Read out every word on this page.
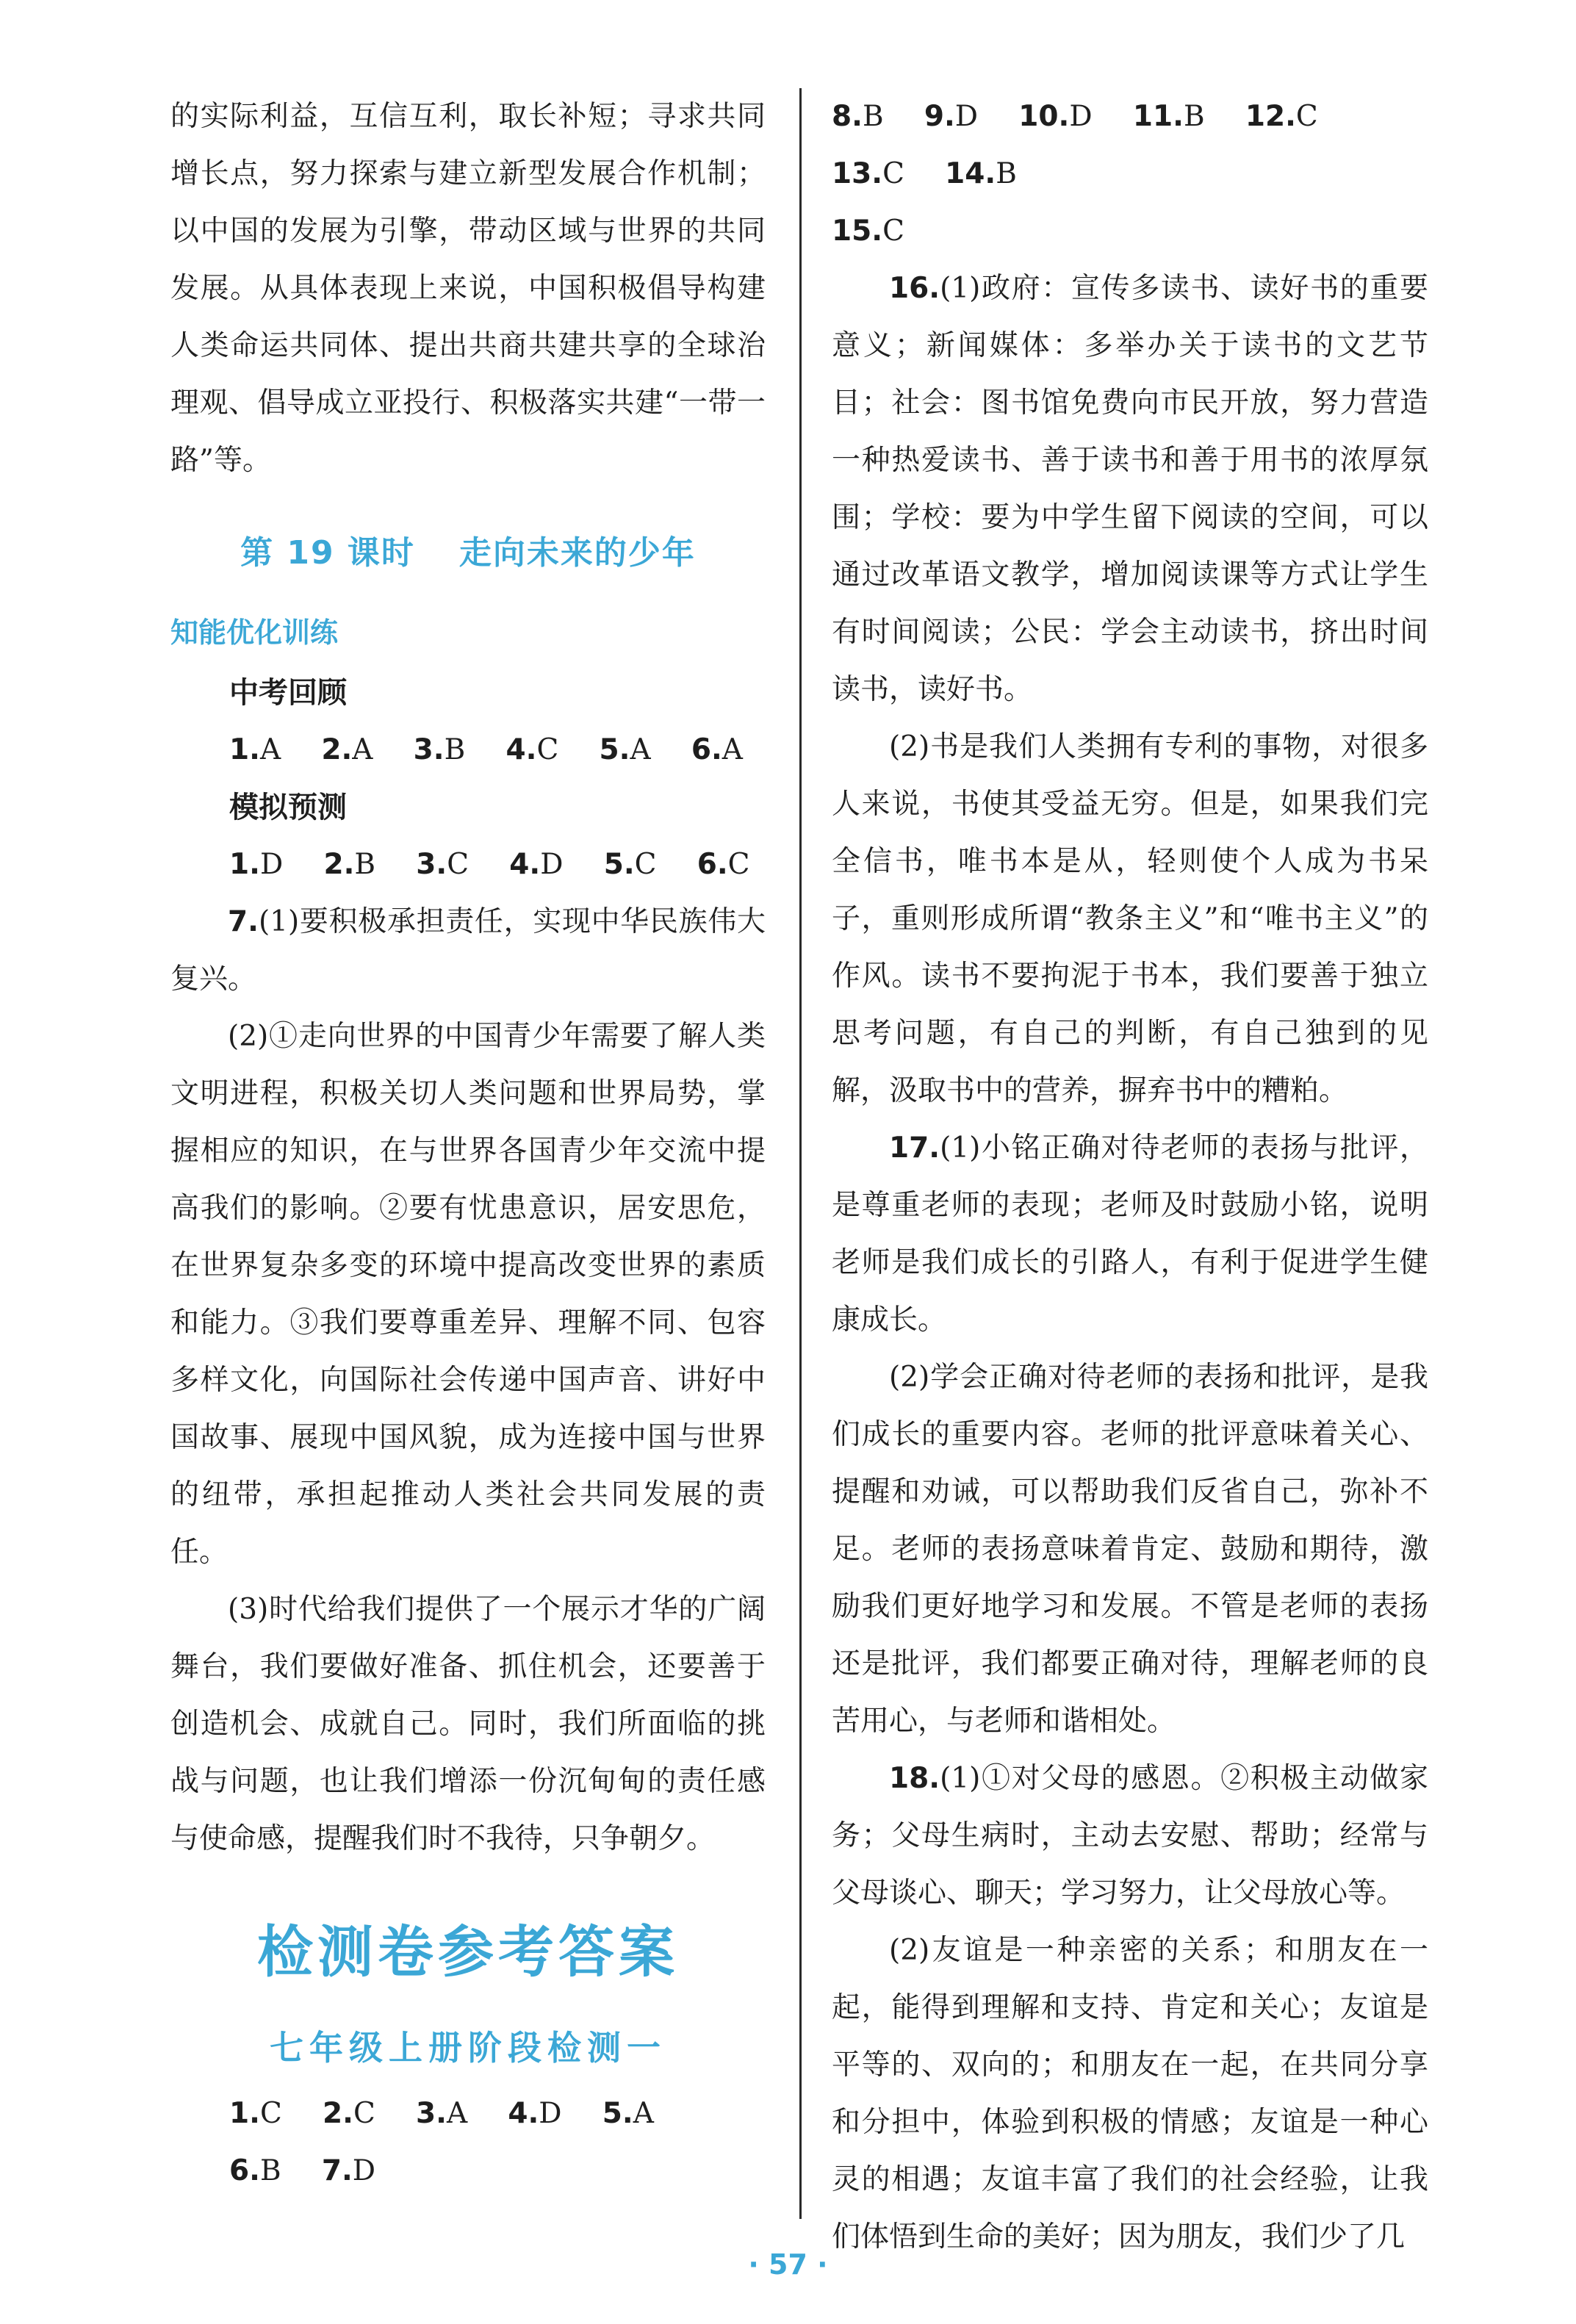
的实际利益，互信互利，取长补短；寻求共同增长点，努力探索与建立新型发展合作机制；以中国的发展为引擎，带动区域与世界的共同发展。从具体表现上来说，中国积极倡导构建人类命运共同体、提出共商共建共享的全球治理观、倡导成立亚投行、积极落实共建“一带一路”等。

第 19 课时 走向未来的少年
知能优化训练
中考回顾
1.A 2.A 3.B 4.C 5.A 6.A
模拟预测
1.D 2.B 3.C 4.D 5.C 6.C

7.(1)要积极承担责任，实现中华民族伟大复兴。

(2)①走向世界的中国青少年需要了解人类文明进程，积极关切人类问题和世界局势，掌握相应的知识，在与世界各国青少年交流中提高我们的影响。②要有忧患意识，居安思危，在世界复杂多变的环境中提高改变世界的素质和能力。③我们要尊重差异、理解不同、包容多样文化，向国际社会传递中国声音、讲好中国故事、展现中国风貌，成为连接中国与世界的纽带，承担起推动人类社会共同发展的责任。

(3)时代给我们提供了一个展示才华的广阔舞台，我们要做好准备、抓住机会，还要善于创造机会、成就自己。同时，我们所面临的挑战与问题，也让我们增添一份沉甸甸的责任感与使命感，提醒我们时不我待，只争朝夕。

检测卷参考答案
七年级上册阶段检测一
1.C 2.C 3.A 4.D 5.A   6.B 7.D
8.B 9.D 10.D 11.B 12.C   13.C 14.B
15.C

16.(1)政府：宣传多读书、读好书的重要意义；新闻媒体：多举办关于读书的文艺节目；社会：图书馆免费向市民开放，努力营造一种热爱读书、善于读书和善于用书的浓厚氛围；学校：要为中学生留下阅读的空间，可以通过改革语文教学，增加阅读课等方式让学生有时间阅读；公民：学会主动读书，挤出时间读书，读好书。

(2)书是我们人类拥有专利的事物，对很多人来说，书使其受益无穷。但是，如果我们完全信书，唯书本是从，轻则使个人成为书呆子，重则形成所谓“教条主义”和“唯书主义”的作风。读书不要拘泥于书本，我们要善于独立思考问题，有自己的判断，有自己独到的见解，汲取书中的营养，摒弃书中的糟粕。

17.(1)小铭正确对待老师的表扬与批评，是尊重老师的表现；老师及时鼓励小铭，说明老师是我们成长的引路人，有利于促进学生健康成长。

(2)学会正确对待老师的表扬和批评，是我们成长的重要内容。老师的批评意味着关心、提醒和劝诫，可以帮助我们反省自己，弥补不足。老师的表扬意味着肯定、鼓励和期待，激励我们更好地学习和发展。不管是老师的表扬还是批评，我们都要正确对待，理解老师的良苦用心，与老师和谐相处。

18.(1)①对父母的感恩。②积极主动做家务；父母生病时，主动去安慰、帮助；经常与父母谈心、聊天；学习努力，让父母放心等。

(2)友谊是一种亲密的关系；和朋友在一起，能得到理解和支持、肯定和关心；友谊是平等的、双向的；和朋友在一起，在共同分享和分担中，体验到积极的情感；友谊是一种心灵的相遇；友谊丰富了我们的社会经验，让我们体悟到生命的美好；因为朋友，我们少了几

· 57 ·
